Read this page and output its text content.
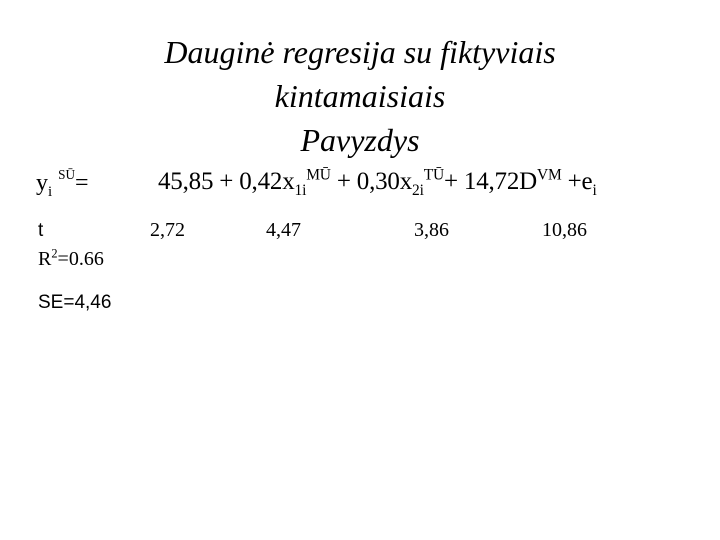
Dauginė regresija su fiktyviais
kintamaisiais
Pavyzdys
$y_i$ $^{SŪ}$=	$45,85 + 0,42x_{1i}^{MŪ} + 0,30x_{2i}^{TŪ}+ 14,72D^{VM} +e_i$
t	2,72	4,47	3,86	10,86
$R^2=0.66$
SE=4,46
